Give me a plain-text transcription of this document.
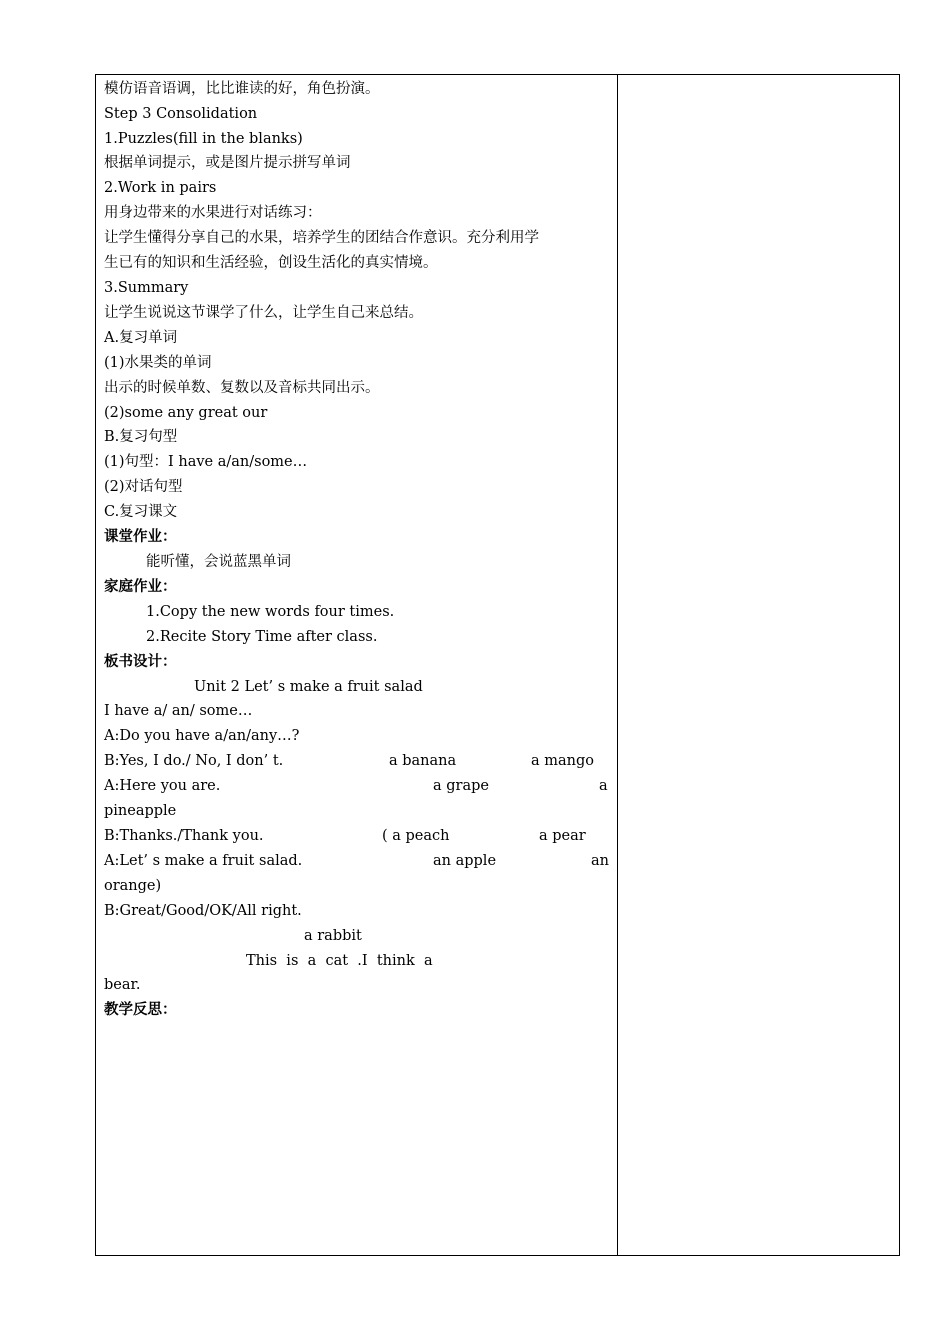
模仿语音语调，比比谁读的好，角色扮演。
Step 3 Consolidation
1.Puzzles(fill in the blanks)
根据单词提示，或是图片提示拼写单词
2.Work in pairs
用身边带来的水果进行对话练习：
让学生懂得分享自己的水果，培养学生的团结合作意识。充分利用学
生已有的知识和生活经验，创设生活化的真实情境。
3.Summary
让学生说说这节课学了什么，让学生自己来总结。
A.复习单词
(1)水果类的单词
出示的时候单数、复数以及音标共同出示。
(2)some any great our
B.复习句型
(1)句型：I have a/an/some…
(2)对话句型
C.复习课文
课堂作业：
能听懂，会说蓝黑单词
家庭作业：
1.Copy the new words four times.
2.Recite Story Time after class.
板书设计：
Unit 2 Let’ s make a fruit salad
I have a/ an/ some…
A:Do you have a/an/any…?
B:Yes, I do./ No, I don’ t.	a banana	a mango
A:Here you are.	a grape	a
pineapple
B:Thanks./Thank you.	( a peach	a pear
A:Let’ s make a fruit salad.	an apple	an
orange)
B:Great/Good/OK/All right.
a rabbit
This  is  a  cat  .I  think  a
bear.
教学反思：
